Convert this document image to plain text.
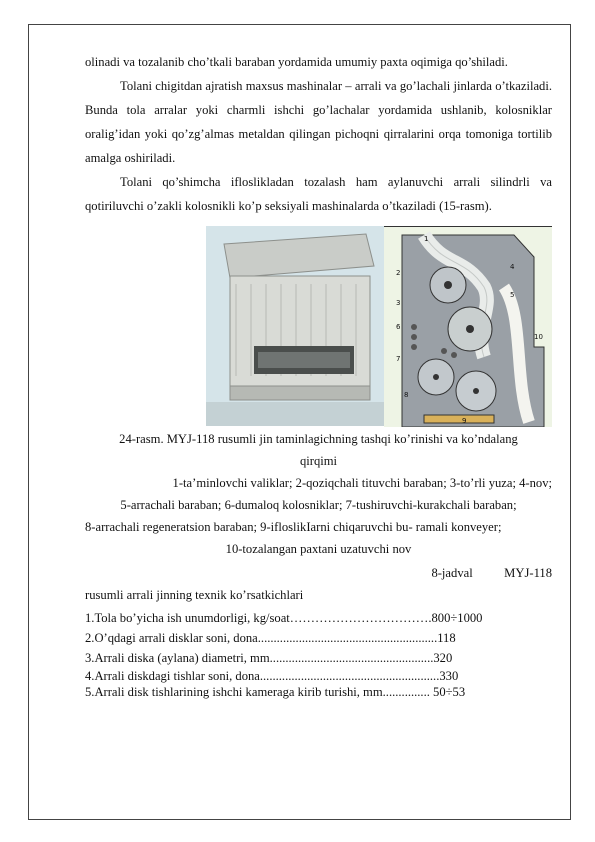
olinadi va tozalanib cho’tkali baraban yordamida umumiy paxta oqimiga qo’shiladi.

Tolani chigitdan ajratish maxsus mashinalar – arrali va go’lachali jinlarda o’tkaziladi. Bunda tola arralar yoki charmli ishchi go’lachalar yordamida ushlanib, kolosniklar oralig’idan yoki qo’zg’almas metaldan qilingan pichoqni qirralarini orqa tomoniga tortilib amalga oshiriladi.

Tolani qo’shimcha ifloslikladan tozalash ham aylanuvchi arrali silindrli va qotiriluvchi o’zakli kolosnikli ko’p seksiyali mashinalarda o’tkaziladi (15-rasm).

1
2
3
4
5
6
7
8
9
10

24-rasm. MYJ-118 rusumli jin taminlagichning tashqi ko’rinishi va ko’ndalang

qirqimi

1-ta’minlovchi valiklar; 2-qoziqchali tituvchi baraban; 3-to’rli yuza; 4-nov;

5-arrachali baraban; 6-dumaloq kolosniklar; 7-tushiruvchi-kurakchali baraban;

8-arrachali regeneratsion baraban; 9-ifloslikIarni chiqaruvchi bu- ramali konveyer;

10-tozalangan paxtani uzatuvchi nov

8-jadval          MYJ-118
rusumli arrali jinning texnik ko’rsatkichlari
1.Tola bo’yicha ish unumdorligi, kg/soat…………………………….800÷1000
2.O’qdagi arrali disklar soni, dona.........................................................118
3.Arrali diska (aylana) diametri, mm....................................................320
4.Arrali diskdagi tishlar soni, dona.........................................................330
5.Arrali disk tishlarining ishchi kameraga kirib turishi, mm............... 50÷53
